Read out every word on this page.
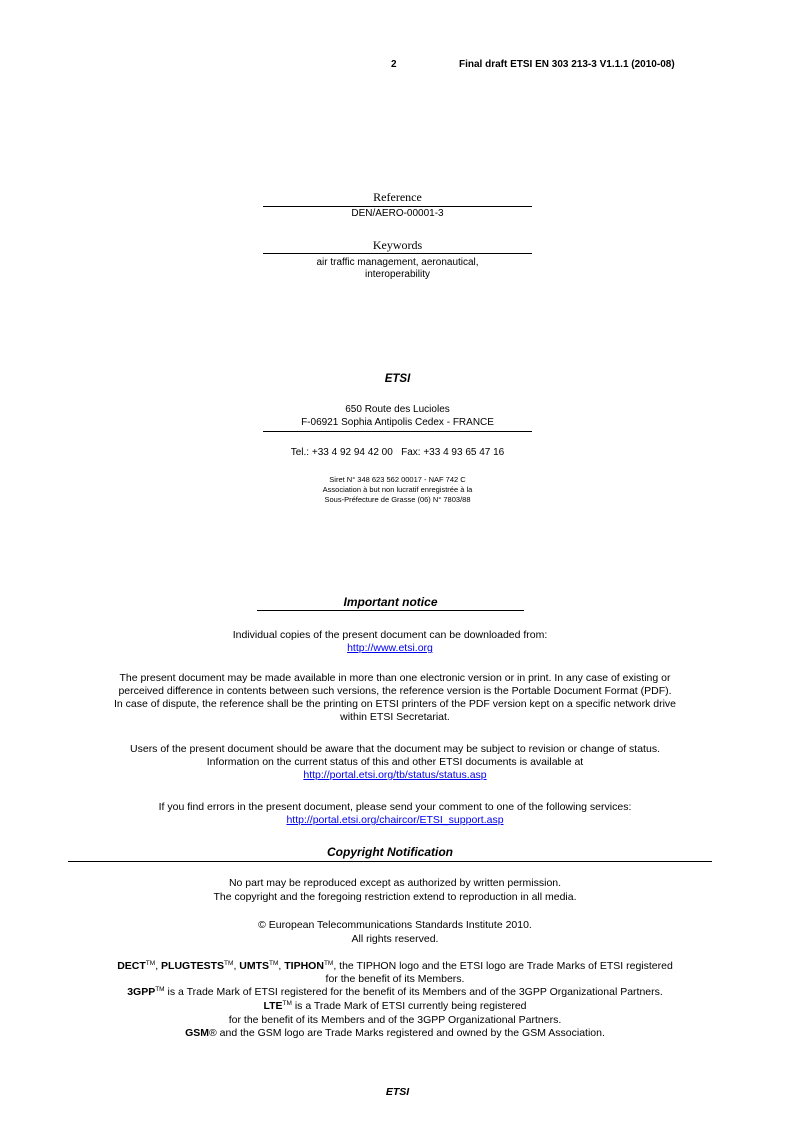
2	Final draft ETSI EN 303 213-3 V1.1.1 (2010-08)
Reference
DEN/AERO-00001-3
Keywords
air traffic management, aeronautical,
interoperability
ETSI
650 Route des Lucioles
F-06921 Sophia Antipolis Cedex - FRANCE
Tel.: +33 4 92 94 42 00   Fax: +33 4 93 65 47 16
Siret N° 348 623 562 00017 - NAF 742 C
Association à but non lucratif enregistrée à la
Sous-Préfecture de Grasse (06) N° 7803/88
Important notice
Individual copies of the present document can be downloaded from:
http://www.etsi.org
The present document may be made available in more than one electronic version or in print. In any case of existing or
perceived difference in contents between such versions, the reference version is the Portable Document Format (PDF).
In case of dispute, the reference shall be the printing on ETSI printers of the PDF version kept on a specific network drive
within ETSI Secretariat.
Users of the present document should be aware that the document may be subject to revision or change of status.
Information on the current status of this and other ETSI documents is available at
http://portal.etsi.org/tb/status/status.asp
If you find errors in the present document, please send your comment to one of the following services:
http://portal.etsi.org/chaircor/ETSI_support.asp
Copyright Notification
No part may be reproduced except as authorized by written permission.
The copyright and the foregoing restriction extend to reproduction in all media.
© European Telecommunications Standards Institute 2010.
All rights reserved.
DECT™, PLUGTESTS™, UMTS™, TIPHON™, the TIPHON logo and the ETSI logo are Trade Marks of ETSI registered
for the benefit of its Members.
3GPP™ is a Trade Mark of ETSI registered for the benefit of its Members and of the 3GPP Organizational Partners.
LTE™ is a Trade Mark of ETSI currently being registered
for the benefit of its Members and of the 3GPP Organizational Partners.
GSM® and the GSM logo are Trade Marks registered and owned by the GSM Association.
ETSI
